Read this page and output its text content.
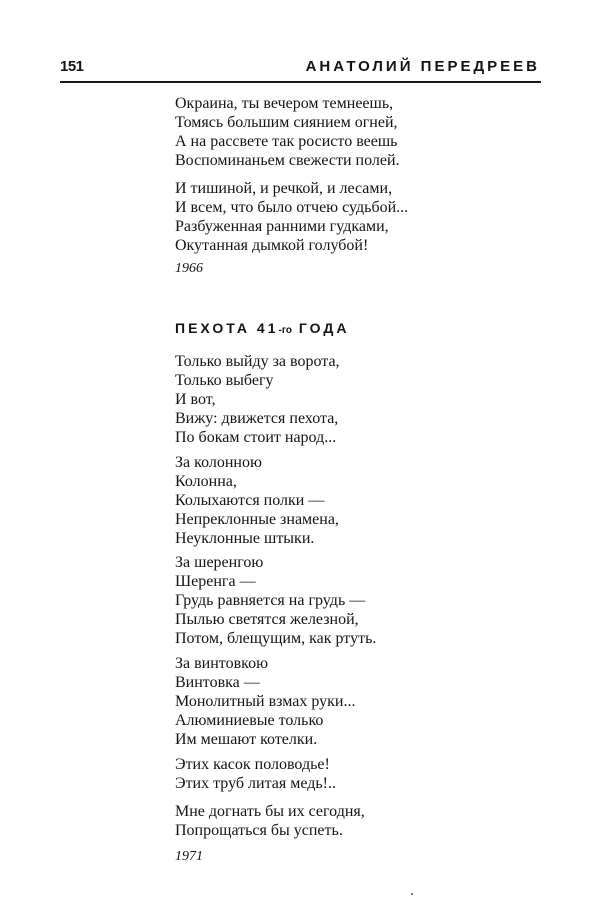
151	АНАТОЛИЙ ПЕРЕДРЕЕВ
Окраина, ты вечером темнеешь,
Томясь большим сиянием огней,
А на рассвете так росисто веешь
Воспоминаньем свежести полей.
И тишиной, и речкой, и лесами,
И всем, что было отчею судьбой...
Разбуженная ранними гудками,
Окутанная дымкой голубой!
1966
ПЕХОТА 41-го ГОДА
Только выйду за ворота,
Только выбегу
И вот,
Вижу: движется пехота,
По бокам стоит народ...
За колонною
Колонна,
Колыхаются полки —
Непреклонные знамена,
Неуклонные штыки.
За шеренгою
Шеренга —
Грудь равняется на грудь —
Пылью светятся железной,
Потом, блещущим, как ртуть.
За винтовкою
Винтовка —
Монолитный взмах руки...
Алюминиевые только
Им мешают котелки.
Этих касок половодье!
Этих труб литая медь!..
Мне догнать бы их сегодня,
Попрощаться бы успеть.
1971
